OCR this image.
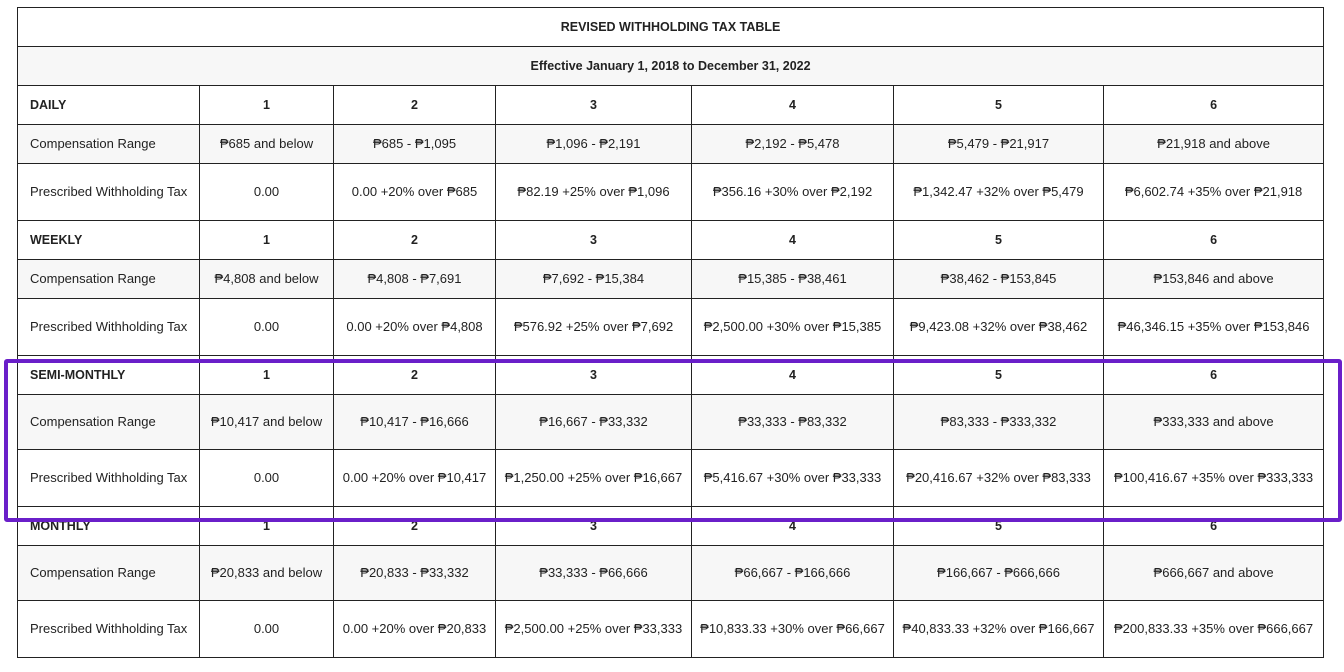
REVISED WITHHOLDING TAX TABLE						
Effective January 1, 2018 to December 31, 2022						
DAILY	1	2	3	4	5	6
Compensation Range	₱685 and below	₱685 - ₱1,095	₱1,096 - ₱2,191	₱2,192 - ₱5,478	₱5,479 - ₱21,917	₱21,918 and above
Prescribed Withholding Tax	0.00	0.00 +20% over ₱685	₱82.19 +25% over ₱1,096	₱356.16 +30% over ₱2,192	₱1,342.47 +32% over ₱5,479	₱6,602.74 +35% over ₱21,918
WEEKLY	1	2	3	4	5	6
Compensation Range	₱4,808 and below	₱4,808 - ₱7,691	₱7,692 - ₱15,384	₱15,385 - ₱38,461	₱38,462 - ₱153,845	₱153,846 and above
Prescribed Withholding Tax	0.00	0.00 +20% over ₱4,808	₱576.92 +25% over ₱7,692	₱2,500.00 +30% over ₱15,385	₱9,423.08 +32% over ₱38,462	₱46,346.15 +35% over ₱153,846
SEMI-MONTHLY	1	2	3	4	5	6
Compensation Range	₱10,417 and below	₱10,417 - ₱16,666	₱16,667 - ₱33,332	₱33,333 - ₱83,332	₱83,333 - ₱333,332	₱333,333 and above
Prescribed Withholding Tax	0.00	0.00 +20% over ₱10,417	₱1,250.00 +25% over ₱16,667	₱5,416.67 +30% over ₱33,333	₱20,416.67 +32% over ₱83,333	₱100,416.67 +35% over ₱333,333
MONTHLY	1	2	3	4	5	6
Compensation Range	₱20,833 and below	₱20,833 - ₱33,332	₱33,333 - ₱66,666	₱66,667 - ₱166,666	₱166,667 - ₱666,666	₱666,667 and above
Prescribed Withholding Tax	0.00	0.00 +20% over ₱20,833	₱2,500.00 +25% over ₱33,333	₱10,833.33 +30% over ₱66,667	₱40,833.33 +32% over ₱166,667	₱200,833.33 +35% over ₱666,667
